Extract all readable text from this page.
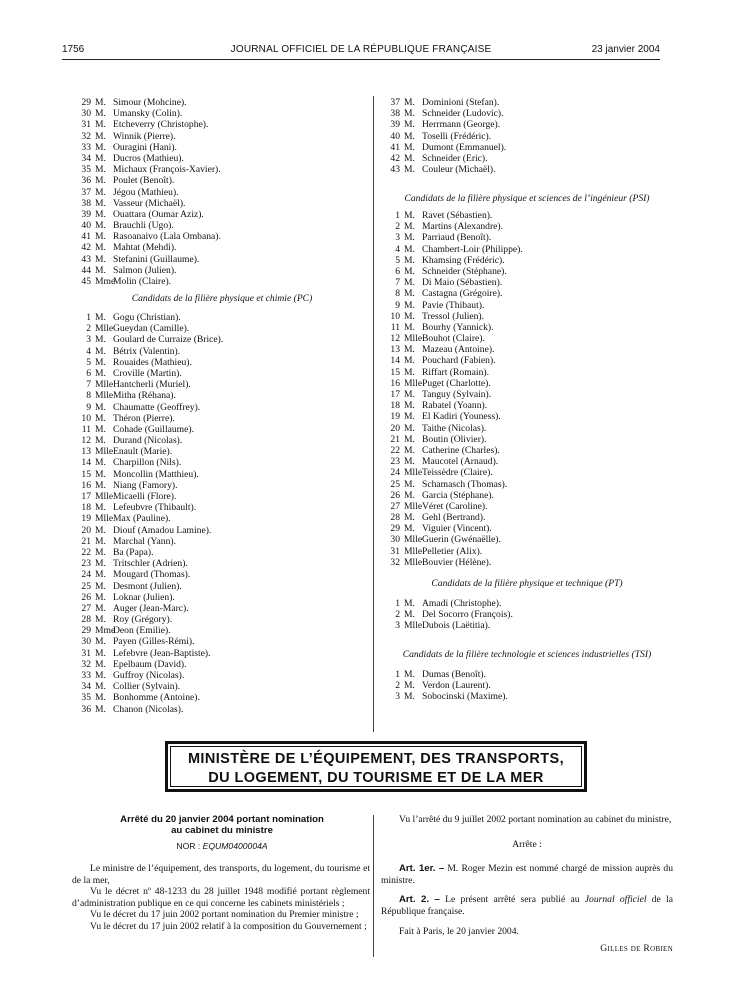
1756	JOURNAL OFFICIEL DE LA RÉPUBLIQUE FRANÇAISE	23 janvier 2004
29 M. Simour (Mohcine).
30 M. Umansky (Colin).
31 M. Etcheverry (Christophe).
32 M. Winnik (Pierre).
33 M. Ouragini (Hani).
34 M. Ducros (Mathieu).
35 M. Michaux (François-Xavier).
36 M. Poulet (Benoît).
37 M. Jégou (Mathieu).
38 M. Vasseur (Michaël).
39 M. Ouattara (Oumar Aziz).
40 M. Brauchli (Ugo).
41 M. Rasoanaivo (Lala Ombana).
42 M. Mahtat (Mehdi).
43 M. Stefanini (Guillaume).
44 M. Salmon (Julien).
45 MmeMolin (Claire).
Candidats de la filière physique et chimie (PC)
1 M. Gogu (Christian).
2 MlleGueydan (Camille).
3 M. Goulard de Curraize (Brice).
4 M. Bétrix (Valentin).
5 M. Rouaides (Mathieu).
6 M. Croville (Martin).
7 MlleHantcherli (Muriel).
8 MlleMitha (Réhana).
9 M. Chaumatte (Geoffrey).
10 M. Théron (Pierre).
11 M. Cohade (Guillaume).
12 M. Durand (Nicolas).
13 MlleEnault (Marie).
14 M. Charpillon (Nils).
15 M. Moncollin (Matthieu).
16 M. Niang (Famory).
17 MlleMicaelli (Flore).
18 M. Lefeubvre (Thibault).
19 MlleMax (Pauline).
20 M. Diouf (Amadou Lamine).
21 M. Marchal (Yann).
22 M. Ba (Papa).
23 M. Tritschler (Adrien).
24 M. Mougard (Thomas).
25 M. Desmont (Julien).
26 M. Loknar (Julien).
27 M. Auger (Jean-Marc).
28 M. Roy (Grégory).
29 MmeDeon (Emilie).
30 M. Payen (Gilles-Rémi).
31 M. Lefebvre (Jean-Baptiste).
32 M. Epelbaum (David).
33 M. Guffroy (Nicolas).
34 M. Collier (Sylvain).
35 M. Bonhomme (Antoine).
36 M. Chanon (Nicolas).
37 M. Dominioni (Stefan).
38 M. Schneider (Ludovic).
39 M. Herrmann (George).
40 M. Toselli (Frédéric).
41 M. Dumont (Emmanuel).
42 M. Schneider (Eric).
43 M. Couleur (Michaël).
Candidats de la filière physique et sciences de l’ingénieur (PSI)
1 M. Ravet (Sébastien).
2 M. Martins (Alexandre).
3 M. Parriaud (Benoît).
4 M. Chambert-Loir (Philippe).
5 M. Khamsing (Frédéric).
6 M. Schneider (Stéphane).
7 M. Di Maio (Sébastien).
8 M. Castagna (Grégoire).
9 M. Pavie (Thibaut).
10 M. Tressol (Julien).
11 M. Bourhy (Yannick).
12 MlleBouhot (Claire).
13 M. Mazeau (Antoine).
14 M. Pouchard (Fabien).
15 M. Riffart (Romain).
16 MllePuget (Charlotte).
17 M. Tanguy (Sylvain).
18 M. Rabatel (Yoann).
19 M. El Kadiri (Youness).
20 M. Taithe (Nicolas).
21 M. Boutin (Olivier).
22 M. Catherine (Charles).
23 M. Maucotel (Arnaud).
24 MlleTeissèdre (Claire).
25 M. Schamasch (Thomas).
26 M. Garcia (Stéphane).
27 MlleVéret (Caroline).
28 M. Gehl (Bertrand).
29 M. Viguier (Vincent).
30 MlleGuerin (Gwénaëlle).
31 MllePelletier (Alix).
32 MlleBouvier (Hélène).
Candidats de la filière physique et technique (PT)
1 M. Amadi (Christophe).
2 M. Del Socorro (François).
3 MlleDubois (Laëtitia).
Candidats de la filière technologie et sciences industrielles (TSI)
1 M. Dumas (Benoît).
2 M. Verdon (Laurent).
3 M. Sobocinski (Maxime).
MINISTÈRE DE L’ÉQUIPEMENT, DES TRANSPORTS,
DU LOGEMENT, DU TOURISME ET DE LA MER
Arrêté du 20 janvier 2004 portant nomination
au cabinet du ministre
NOR : EQUM0400004A
Le ministre de l’équipement, des transports, du logement, du tourisme et de la mer,
Vu le décret nº 48-1233 du 28 juillet 1948 modifié portant règlement d’administration publique en ce qui concerne les cabinets ministériels ;
Vu le décret du 17 juin 2002 portant nomination du Premier ministre ;
Vu le décret du 17 juin 2002 relatif à la composition du Gouvernement ;
Vu l’arrêté du 9 juillet 2002 portant nomination au cabinet du ministre,
Arrête :
Art. 1er. – M. Roger Mezin est nommé chargé de mission auprès du ministre.
Art. 2. – Le présent arrêté sera publié au Journal officiel de la République française.
Fait à Paris, le 20 janvier 2004.
Gilles de Robien
